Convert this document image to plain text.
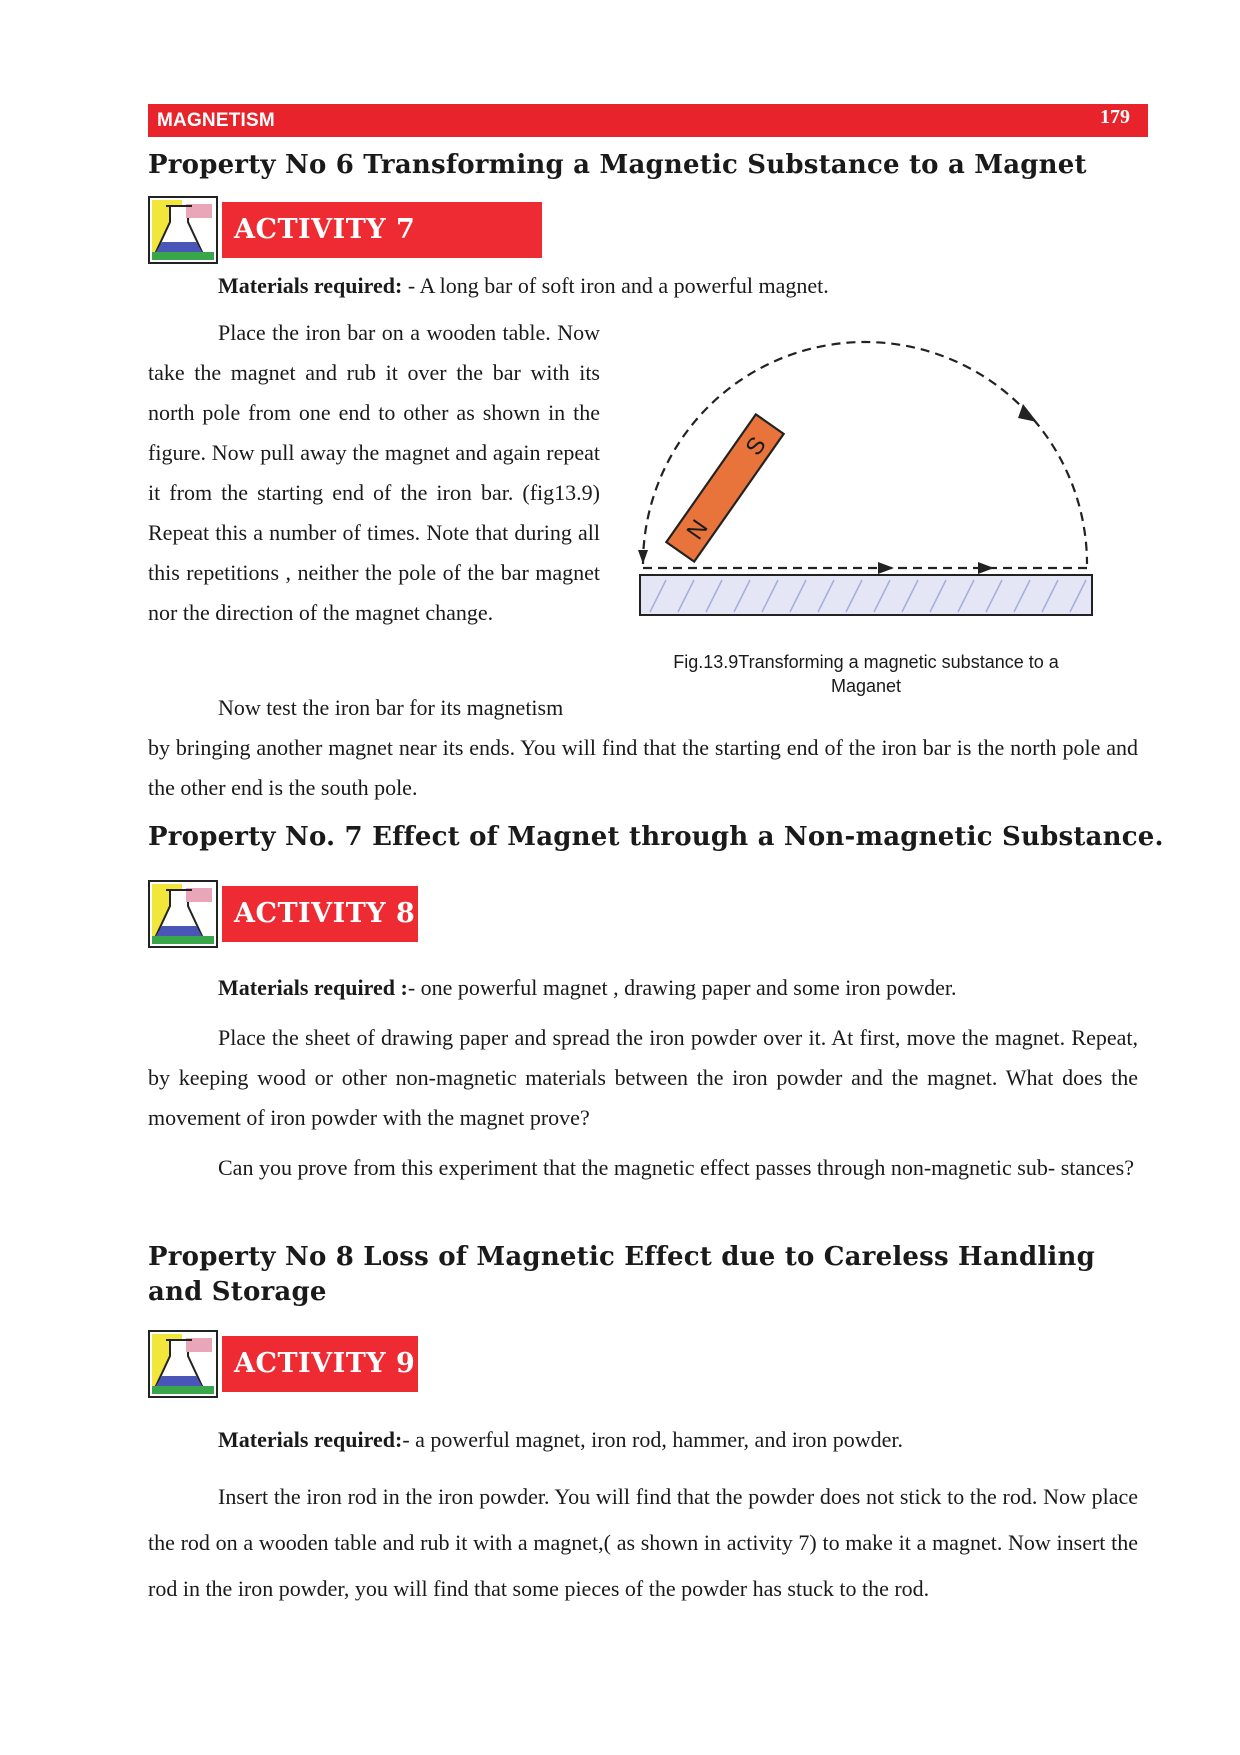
MAGNETISM	179
Property No 6 Transforming a Magnetic Substance to a Magnet
ACTIVITY 7

Materials required: - A long bar of soft iron and a powerful magnet.

Place the iron bar on a wooden table. Now take the magnet and rub it over the bar with its north pole from one end to other as shown in the figure. Now pull away the magnet and again repeat it from the starting end of the iron bar. (fig13.9) Repeat this a number of times. Note that during all this repetitions , neither the pole of the bar magnet nor the direction of the magnet change.

N
S
Fig.13.9Transforming a magnetic substance to a
Maganet

Now test the iron bar for its magnetism

by bringing another magnet near its ends. You will find that the starting end of the iron bar is the north pole and the other end is the south pole.

Property No. 7 Effect of Magnet through a Non-magnetic Substance.
ACTIVITY 8

Materials required :- one powerful magnet , drawing paper and some iron powder.

Place the sheet of drawing paper and spread the iron powder over it. At first, move the magnet. Repeat, by keeping wood or other non-magnetic materials between the iron powder and the magnet. What does the movement of iron powder with the magnet prove?

Can you prove from this experiment that the magnetic effect passes through non-magnetic sub- stances?

Property No 8 Loss of Magnetic Effect due to Careless Handling
and Storage
ACTIVITY 9

Materials required:- a powerful magnet, iron rod, hammer, and iron powder.

Insert the iron rod in the iron powder. You will find that the powder does not stick to the rod. Now place the rod on a wooden table and rub it with a magnet,( as shown in activity 7) to make it a magnet. Now insert the rod in the iron powder, you will find that some pieces of the powder has stuck to the rod.
